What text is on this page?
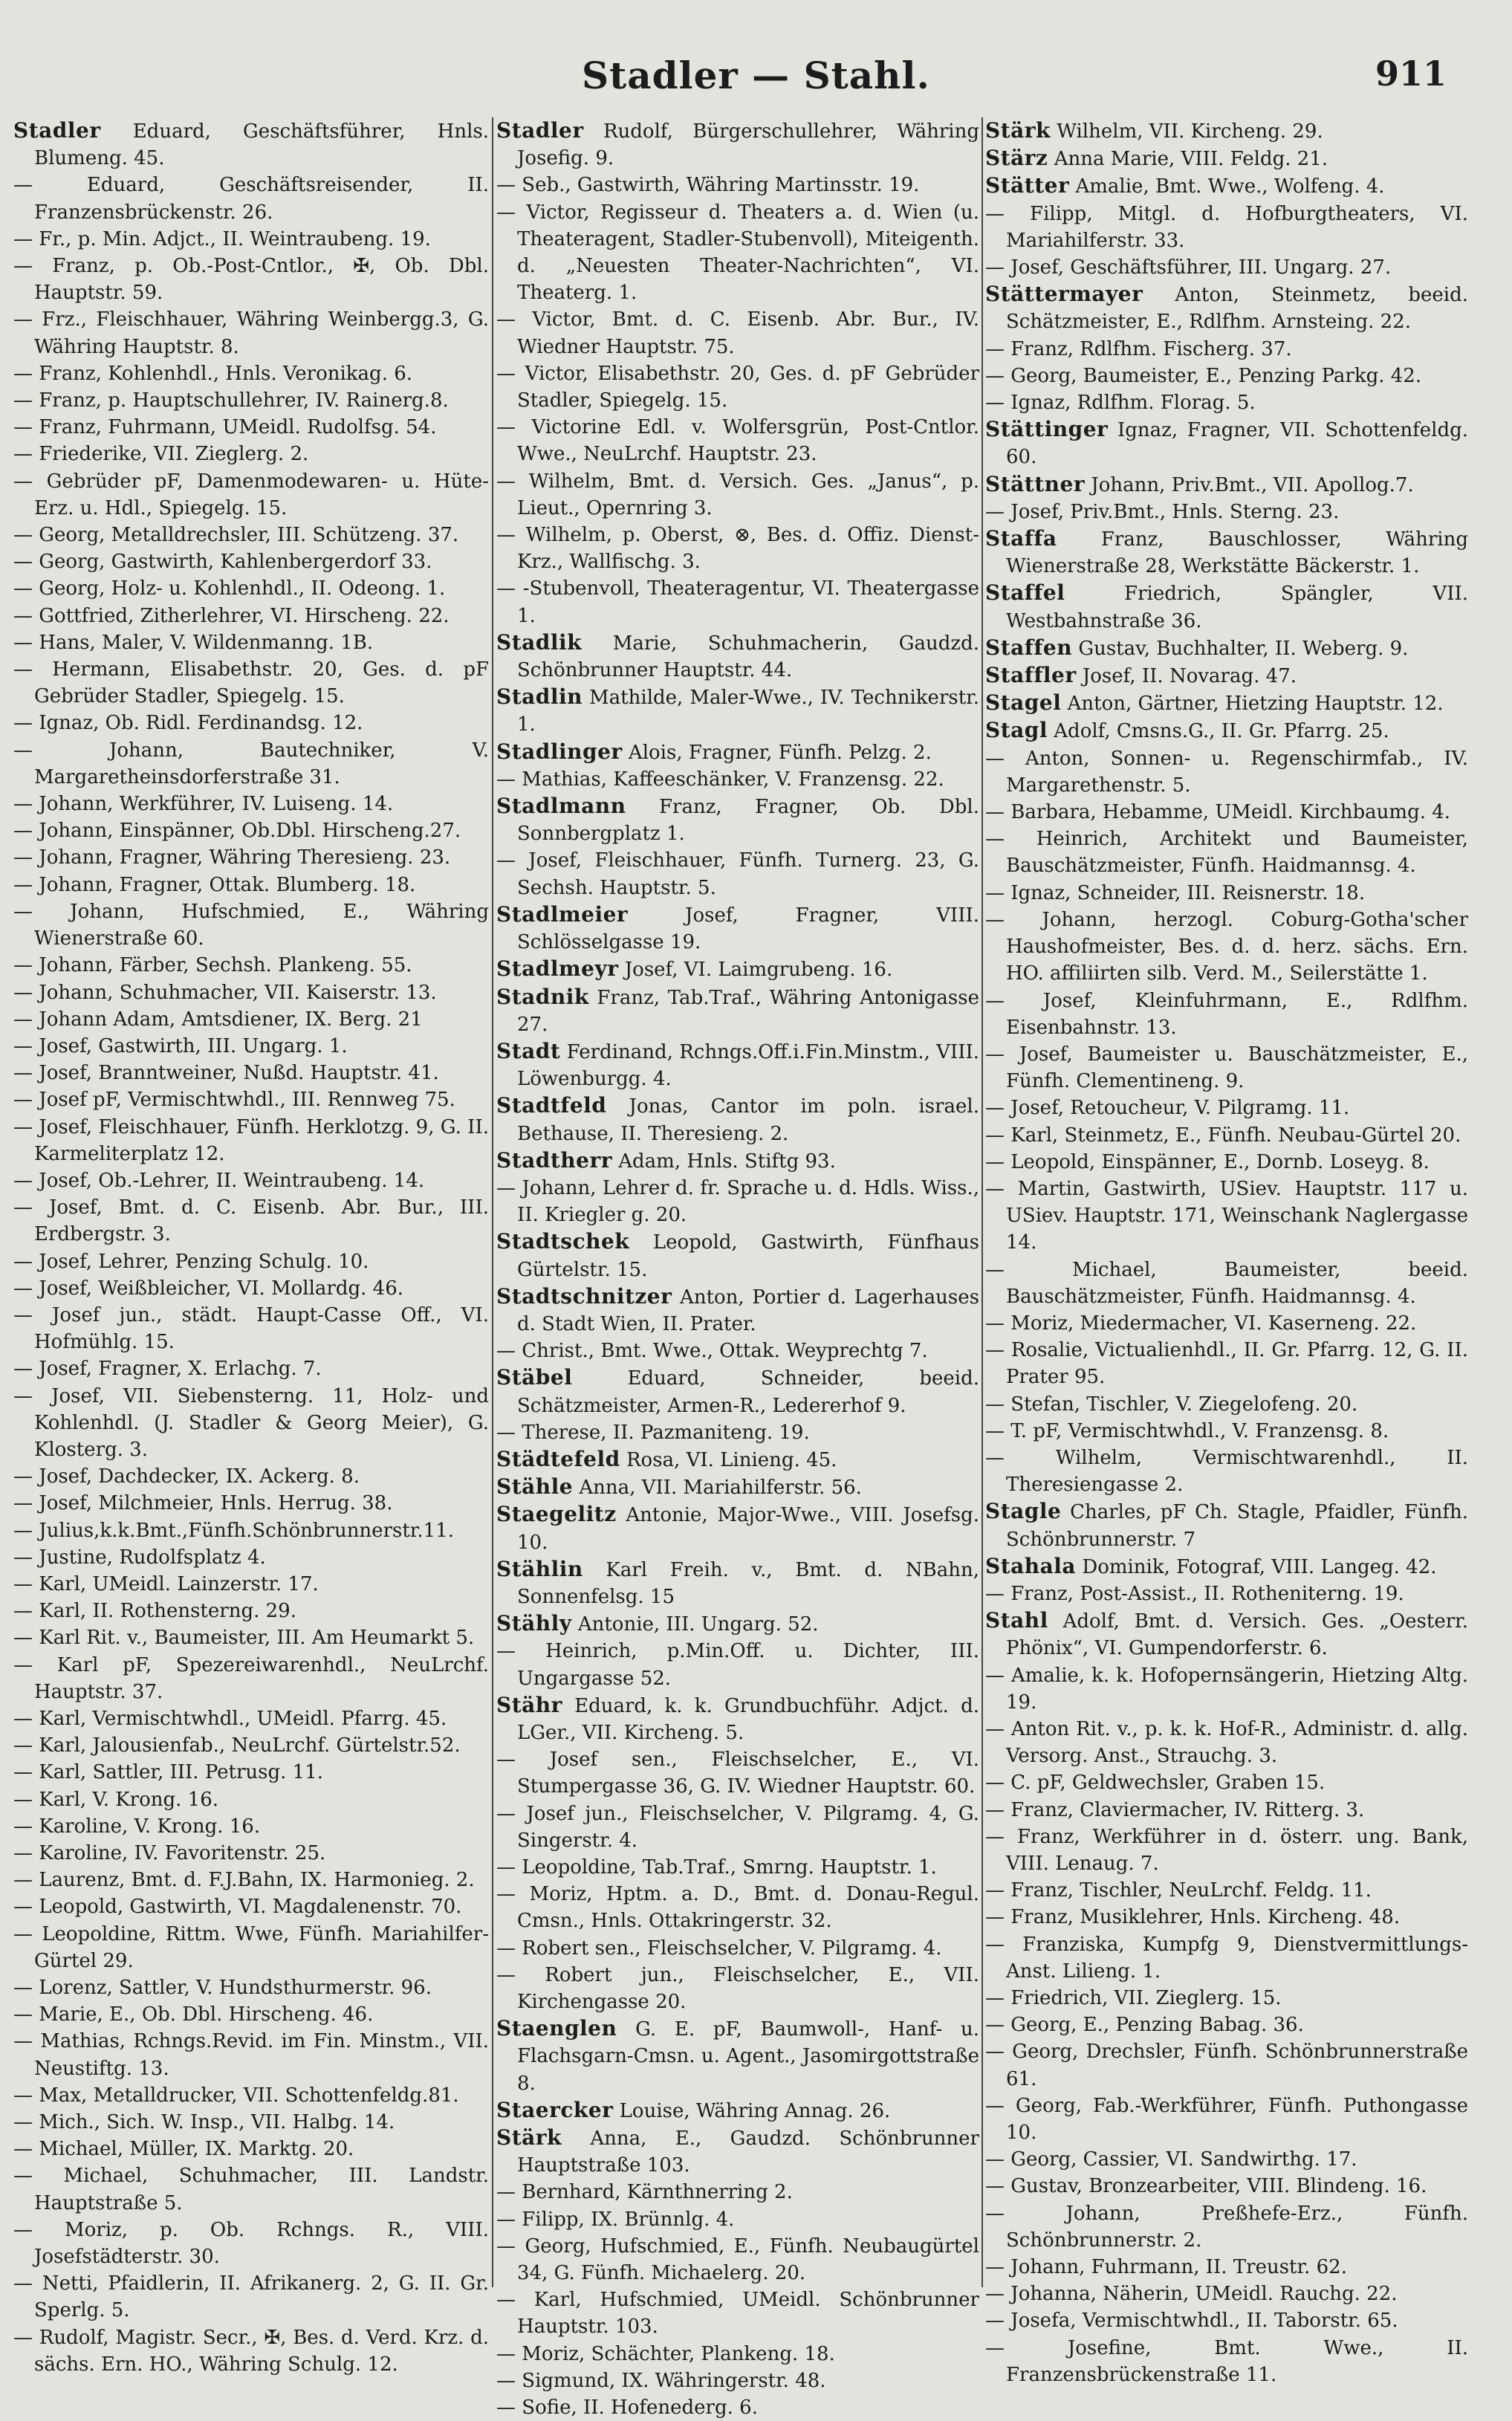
Stadler — Stahl.	911

Stadler Eduard, Geschäftsführer, Hnls. Blumeng. 45.

— Eduard, Geschäftsreisender, II. Franzensbrückenstr. 26.

— Fr., p. Min. Adjct., II. Weintraubeng. 19.

— Franz, p. Ob.-Post-Cntlor., ✠, Ob. Dbl. Hauptstr. 59.

— Frz., Fleischhauer, Währing Weinbergg.3, G. Währing Hauptstr. 8.

— Franz, Kohlenhdl., Hnls. Veronikag. 6.

— Franz, p. Hauptschullehrer, IV. Rainerg.8.

— Franz, Fuhrmann, UMeidl. Rudolfsg. 54.

— Friederike, VII. Zieglerg. 2.

— Gebrüder pF, Damenmodewaren- u. Hüte-Erz. u. Hdl., Spiegelg. 15.

— Georg, Metalldrechsler, III. Schützeng. 37.

— Georg, Gastwirth, Kahlenbergerdorf 33.

— Georg, Holz- u. Kohlenhdl., II. Odeong. 1.

— Gottfried, Zitherlehrer, VI. Hirscheng. 22.

— Hans, Maler, V. Wildenmanng. 1B.

— Hermann, Elisabethstr. 20, Ges. d. pF Gebrüder Stadler, Spiegelg. 15.

— Ignaz, Ob. Ridl. Ferdinandsg. 12.

— Johann, Bautechniker, V. Margaretheinsdorferstraße 31.

— Johann, Werkführer, IV. Luiseng. 14.

— Johann, Einspänner, Ob.Dbl. Hirscheng.27.

— Johann, Fragner, Währing Theresieng. 23.

— Johann, Fragner, Ottak. Blumberg. 18.

— Johann, Hufschmied, E., Währing Wienerstraße 60.

— Johann, Färber, Sechsh. Plankeng. 55.

— Johann, Schuhmacher, VII. Kaiserstr. 13.

— Johann Adam, Amtsdiener, IX. Berg. 21

— Josef, Gastwirth, III. Ungarg. 1.

— Josef, Branntweiner, Nußd. Hauptstr. 41.

— Josef pF, Vermischtwhdl., III. Rennweg 75.

— Josef, Fleischhauer, Fünfh. Herklotzg. 9, G. II. Karmeliterplatz 12.

— Josef, Ob.-Lehrer, II. Weintraubeng. 14.

— Josef, Bmt. d. C. Eisenb. Abr. Bur., III. Erdbergstr. 3.

— Josef, Lehrer, Penzing Schulg. 10.

— Josef, Weißbleicher, VI. Mollardg. 46.

— Josef jun., städt. Haupt-Casse Off., VI. Hofmühlg. 15.

— Josef, Fragner, X. Erlachg. 7.

— Josef, VII. Siebensterng. 11, Holz- und Kohlenhdl. (J. Stadler & Georg Meier), G. Klosterg. 3.

— Josef, Dachdecker, IX. Ackerg. 8.

— Josef, Milchmeier, Hnls. Herrug. 38.

— Julius,k.k.Bmt.,Fünfh.Schönbrunnerstr.11.

— Justine, Rudolfsplatz 4.

— Karl, UMeidl. Lainzerstr. 17.

— Karl, II. Rothensterng. 29.

— Karl Rit. v., Baumeister, III. Am Heumarkt 5.

— Karl pF, Spezereiwarenhdl., NeuLrchf. Hauptstr. 37.

— Karl, Vermischtwhdl., UMeidl. Pfarrg. 45.

— Karl, Jalousienfab., NeuLrchf. Gürtelstr.52.

— Karl, Sattler, III. Petrusg. 11.

— Karl, V. Krong. 16.

— Karoline, V. Krong. 16.

— Karoline, IV. Favoritenstr. 25.

— Laurenz, Bmt. d. F.J.Bahn, IX. Harmonieg. 2.

— Leopold, Gastwirth, VI. Magdalenenstr. 70.

— Leopoldine, Rittm. Wwe, Fünfh. Mariahilfer-Gürtel 29.

— Lorenz, Sattler, V. Hundsthurmerstr. 96.

— Marie, E., Ob. Dbl. Hirscheng. 46.

— Mathias, Rchngs.Revid. im Fin. Minstm., VII. Neustiftg. 13.

— Max, Metalldrucker, VII. Schottenfeldg.81.

— Mich., Sich. W. Insp., VII. Halbg. 14.

— Michael, Müller, IX. Marktg. 20.

— Michael, Schuhmacher, III. Landstr. Hauptstraße 5.

— Moriz, p. Ob. Rchngs. R., VIII. Josefstädterstr. 30.

— Netti, Pfaidlerin, II. Afrikanerg. 2, G. II. Gr. Sperlg. 5.

— Rudolf, Magistr. Secr., ✠, Bes. d. Verd. Krz. d. sächs. Ern. HO., Währing Schulg. 12.

Stadler Rudolf, Bürgerschullehrer, Währing Josefig. 9.

— Seb., Gastwirth, Währing Martinsstr. 19.

— Victor, Regisseur d. Theaters a. d. Wien (u. Theateragent, Stadler-Stubenvoll), Miteigenth. d. „Neuesten Theater-Nachrichten“, VI. Theaterg. 1.

— Victor, Bmt. d. C. Eisenb. Abr. Bur., IV. Wiedner Hauptstr. 75.

— Victor, Elisabethstr. 20, Ges. d. pF Gebrüder Stadler, Spiegelg. 15.

— Victorine Edl. v. Wolfersgrün, Post-Cntlor. Wwe., NeuLrchf. Hauptstr. 23.

— Wilhelm, Bmt. d. Versich. Ges. „Janus“, p. Lieut., Opernring 3.

— Wilhelm, p. Oberst, ⊗, Bes. d. Offiz. Dienst-Krz., Wallfischg. 3.

— -Stubenvoll, Theateragentur, VI. Theatergasse 1.

Stadlik Marie, Schuhmacherin, Gaudzd. Schönbrunner Hauptstr. 44.

Stadlin Mathilde, Maler-Wwe., IV. Technikerstr. 1.

Stadlinger Alois, Fragner, Fünfh. Pelzg. 2.

— Mathias, Kaffeeschänker, V. Franzensg. 22.

Stadlmann Franz, Fragner, Ob. Dbl. Sonnbergplatz 1.

— Josef, Fleischhauer, Fünfh. Turnerg. 23, G. Sechsh. Hauptstr. 5.

Stadlmeier Josef, Fragner, VIII. Schlösselgasse 19.

Stadlmeyr Josef, VI. Laimgrubeng. 16.

Stadnik Franz, Tab.Traf., Währing Antonigasse 27.

Stadt Ferdinand, Rchngs.Off.i.Fin.Minstm., VIII. Löwenburgg. 4.

Stadtfeld Jonas, Cantor im poln. israel. Bethause, II. Theresieng. 2.

Stadtherr Adam, Hnls. Stiftg 93.

— Johann, Lehrer d. fr. Sprache u. d. Hdls. Wiss., II. Kriegler g. 20.

Stadtschek Leopold, Gastwirth, Fünfhaus Gürtelstr. 15.

Stadtschnitzer Anton, Portier d. Lagerhauses d. Stadt Wien, II. Prater.

— Christ., Bmt. Wwe., Ottak. Weyprechtg 7.

Stäbel Eduard, Schneider, beeid. Schätzmeister, Armen-R., Ledererhof 9.

— Therese, II. Pazmaniteng. 19.

Städtefeld Rosa, VI. Linieng. 45.

Stähle Anna, VII. Mariahilferstr. 56.

Staegelitz Antonie, Major-Wwe., VIII. Josefsg. 10.

Stählin Karl Freih. v., Bmt. d. NBahn, Sonnenfelsg. 15

Stähly Antonie, III. Ungarg. 52.

— Heinrich, p.Min.Off. u. Dichter, III. Ungargasse 52.

Stähr Eduard, k. k. Grundbuchführ. Adjct. d. LGer., VII. Kircheng. 5.

— Josef sen., Fleischselcher, E., VI. Stumpergasse 36, G. IV. Wiedner Hauptstr. 60.

— Josef jun., Fleischselcher, V. Pilgramg. 4, G. Singerstr. 4.

— Leopoldine, Tab.Traf., Smrng. Hauptstr. 1.

— Moriz, Hptm. a. D., Bmt. d. Donau-Regul. Cmsn., Hnls. Ottakringerstr. 32.

— Robert sen., Fleischselcher, V. Pilgramg. 4.

— Robert jun., Fleischselcher, E., VII. Kirchengasse 20.

Staenglen G. E. pF, Baumwoll-, Hanf- u. Flachsgarn-Cmsn. u. Agent., Jasomirgottstraße 8.

Staercker Louise, Währing Annag. 26.

Stärk Anna, E., Gaudzd. Schönbrunner Hauptstraße 103.

— Bernhard, Kärnthnerring 2.

— Filipp, IX. Brünnlg. 4.

— Georg, Hufschmied, E., Fünfh. Neubaugürtel 34, G. Fünfh. Michaelerg. 20.

— Karl, Hufschmied, UMeidl. Schönbrunner Hauptstr. 103.

— Moriz, Schächter, Plankeng. 18.

— Sigmund, IX. Währingerstr. 48.

— Sofie, II. Hofenederg. 6.

Stärk Wilhelm, VII. Kircheng. 29.

Stärz Anna Marie, VIII. Feldg. 21.

Stätter Amalie, Bmt. Wwe., Wolfeng. 4.

— Filipp, Mitgl. d. Hofburgtheaters, VI. Mariahilferstr. 33.

— Josef, Geschäftsführer, III. Ungarg. 27.

Stättermayer Anton, Steinmetz, beeid. Schätzmeister, E., Rdlfhm. Arnsteing. 22.

— Franz, Rdlfhm. Fischerg. 37.

— Georg, Baumeister, E., Penzing Parkg. 42.

— Ignaz, Rdlfhm. Florag. 5.

Stättinger Ignaz, Fragner, VII. Schottenfeldg. 60.

Stättner Johann, Priv.Bmt., VII. Apollog.7.

— Josef, Priv.Bmt., Hnls. Sterng. 23.

Staffa Franz, Bauschlosser, Währing Wienerstraße 28, Werkstätte Bäckerstr. 1.

Staffel Friedrich, Spängler, VII. Westbahnstraße 36.

Staffen Gustav, Buchhalter, II. Weberg. 9.

Staffler Josef, II. Novarag. 47.

Stagel Anton, Gärtner, Hietzing Hauptstr. 12.

Stagl Adolf, Cmsns.G., II. Gr. Pfarrg. 25.

— Anton, Sonnen- u. Regenschirmfab., IV. Margarethenstr. 5.

— Barbara, Hebamme, UMeidl. Kirchbaumg. 4.

— Heinrich, Architekt und Baumeister, Bauschätzmeister, Fünfh. Haidmannsg. 4.

— Ignaz, Schneider, III. Reisnerstr. 18.

— Johann, herzogl. Coburg-Gotha'scher Haushofmeister, Bes. d. d. herz. sächs. Ern. HO. affiliirten silb. Verd. M., Seilerstätte 1.

— Josef, Kleinfuhrmann, E., Rdlfhm. Eisenbahnstr. 13.

— Josef, Baumeister u. Bauschätzmeister, E., Fünfh. Clementineng. 9.

— Josef, Retoucheur, V. Pilgramg. 11.

— Karl, Steinmetz, E., Fünfh. Neubau-Gürtel 20.

— Leopold, Einspänner, E., Dornb. Loseyg. 8.

— Martin, Gastwirth, USiev. Hauptstr. 117 u. USiev. Hauptstr. 171, Weinschank Naglergasse 14.

— Michael, Baumeister, beeid. Bauschätzmeister, Fünfh. Haidmannsg. 4.

— Moriz, Miedermacher, VI. Kaserneng. 22.

— Rosalie, Victualienhdl., II. Gr. Pfarrg. 12, G. II. Prater 95.

— Stefan, Tischler, V. Ziegelofeng. 20.

— T. pF, Vermischtwhdl., V. Franzensg. 8.

— Wilhelm, Vermischtwarenhdl., II. Theresiengasse 2.

Stagle Charles, pF Ch. Stagle, Pfaidler, Fünfh. Schönbrunnerstr. 7

Stahala Dominik, Fotograf, VIII. Langeg. 42.

— Franz, Post-Assist., II. Rotheniterng. 19.

Stahl Adolf, Bmt. d. Versich. Ges. „Oesterr. Phönix“, VI. Gumpendorferstr. 6.

— Amalie, k. k. Hofopernsängerin, Hietzing Altg. 19.

— Anton Rit. v., p. k. k. Hof-R., Administr. d. allg. Versorg. Anst., Strauchg. 3.

— C. pF, Geldwechsler, Graben 15.

— Franz, Claviermacher, IV. Ritterg. 3.

— Franz, Werkführer in d. österr. ung. Bank, VIII. Lenaug. 7.

— Franz, Tischler, NeuLrchf. Feldg. 11.

— Franz, Musiklehrer, Hnls. Kircheng. 48.

— Franziska, Kumpfg 9, Dienstvermittlungs-Anst. Liliеng. 1.

— Friedrich, VII. Zieglerg. 15.

— Georg, E., Penzing Babag. 36.

— Georg, Drechsler, Fünfh. Schönbrunnerstraße 61.

— Georg, Fab.-Werkführer, Fünfh. Puthongasse 10.

— Georg, Cassier, VI. Sandwirthg. 17.

— Gustav, Bronzearbeiter, VIII. Blindeng. 16.

— Johann, Preßhefe-Erz., Fünfh. Schönbrunnerstr. 2.

— Johann, Fuhrmann, II. Treustr. 62.

— Johanna, Näherin, UMeidl. Rauchg. 22.

— Josefa, Vermischtwhdl., II. Taborstr. 65.

— Josefine, Bmt. Wwe., II. Franzensbrückenstraße 11.
